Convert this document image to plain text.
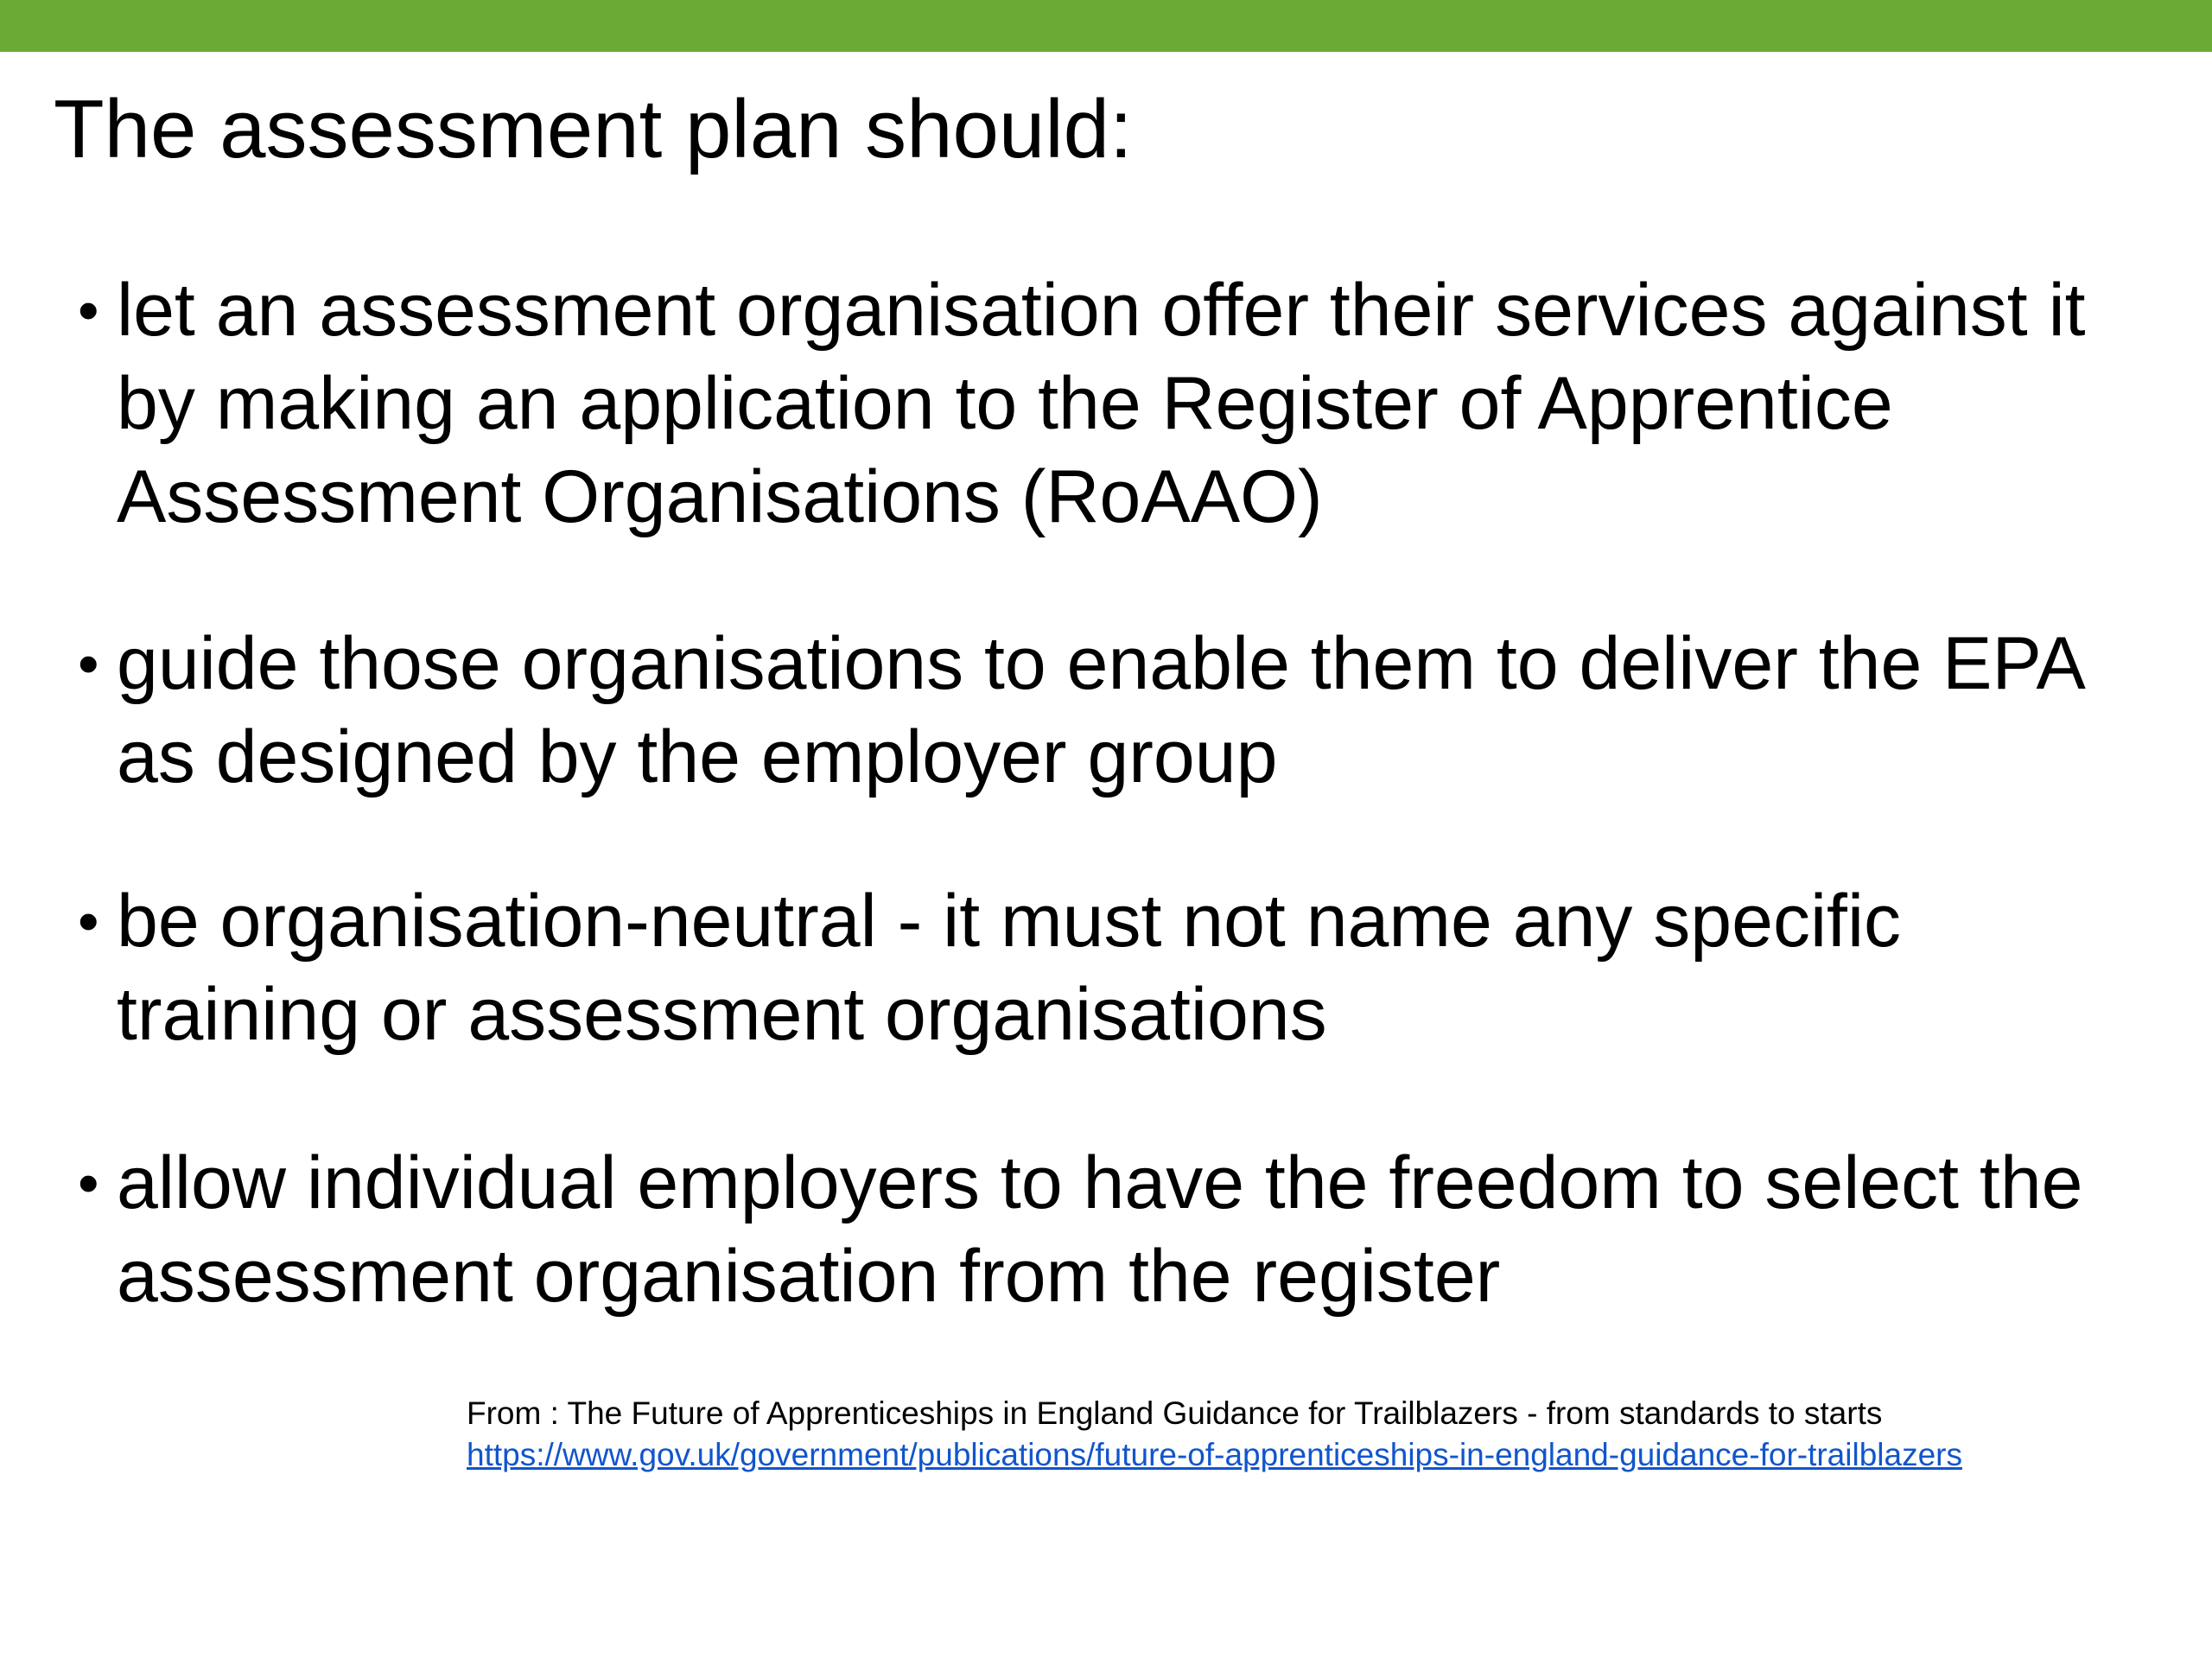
The assessment plan should:
• let an assessment organisation offer their services against it by making an application to the Register of Apprentice Assessment Organisations (RoAAO)
• guide those organisations to enable them to deliver the EPA as designed by the employer group
• be organisation-neutral - it must not name any specific training or assessment organisations
• allow individual employers to have the freedom to select the assessment organisation from the register
From : The Future of Apprenticeships in England Guidance for Trailblazers - from standards to starts
https://www.gov.uk/government/publications/future-of-apprenticeships-in-england-guidance-for-trailblazers
